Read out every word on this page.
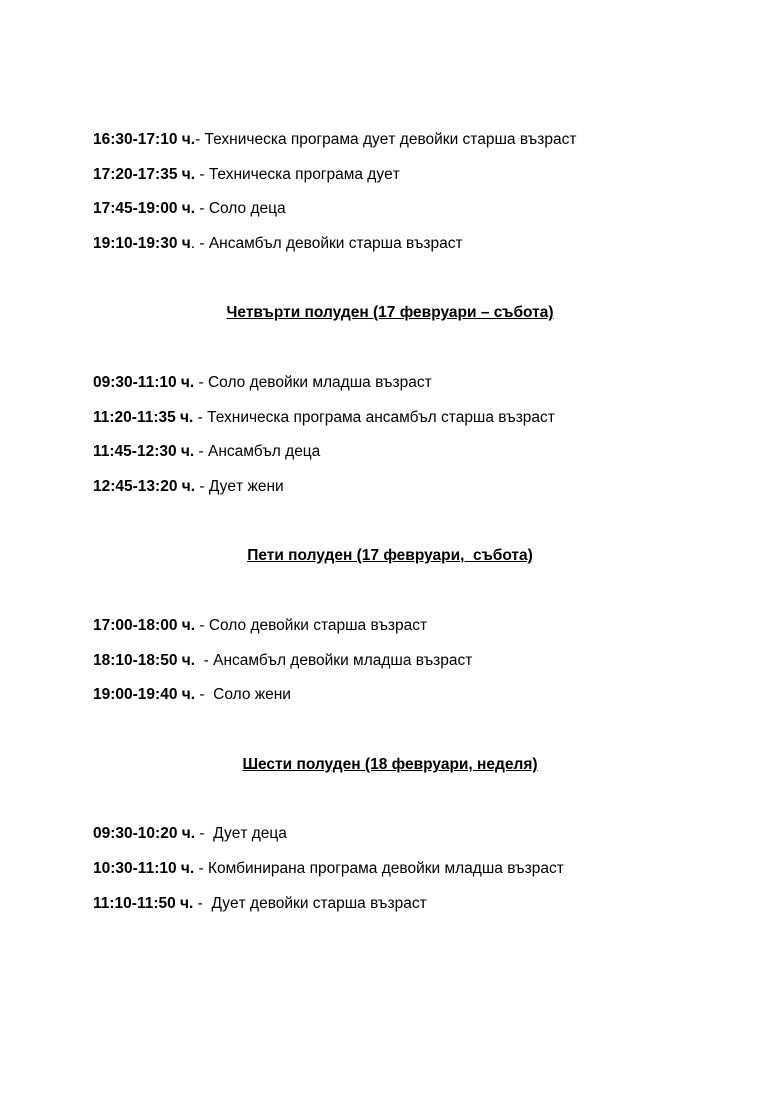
16:30-17:10 ч.- Техническа програма дуeт девойки старша възраст
17:20-17:35 ч. - Техническа програма дуeт
17:45-19:00 ч. - Соло деца
19:10-19:30 ч. - Ансамбъл девойки старша възраст
Четвърти полуден (17 февруари – събота)
09:30-11:10 ч. - Соло девойки младша възраст
11:20-11:35 ч. - Техническа програма ансамбъл старша възраст
11:45-12:30 ч. - Ансамбъл деца
12:45-13:20 ч. - Дуeт жени
Пети полуден (17 февруари,  събота)
17:00-18:00 ч. - Соло девойки старша възраст
18:10-18:50 ч.  - Ансамбъл девойки младша възраст
19:00-19:40 ч. -  Соло жени
Шести полуден (18 февруари, неделя)
09:30-10:20 ч. -  Дуeт деца
10:30-11:10 ч. - Комбинирана програма девойки младша възраст
11:10-11:50 ч. -  Дуeт девойки старша възраст
